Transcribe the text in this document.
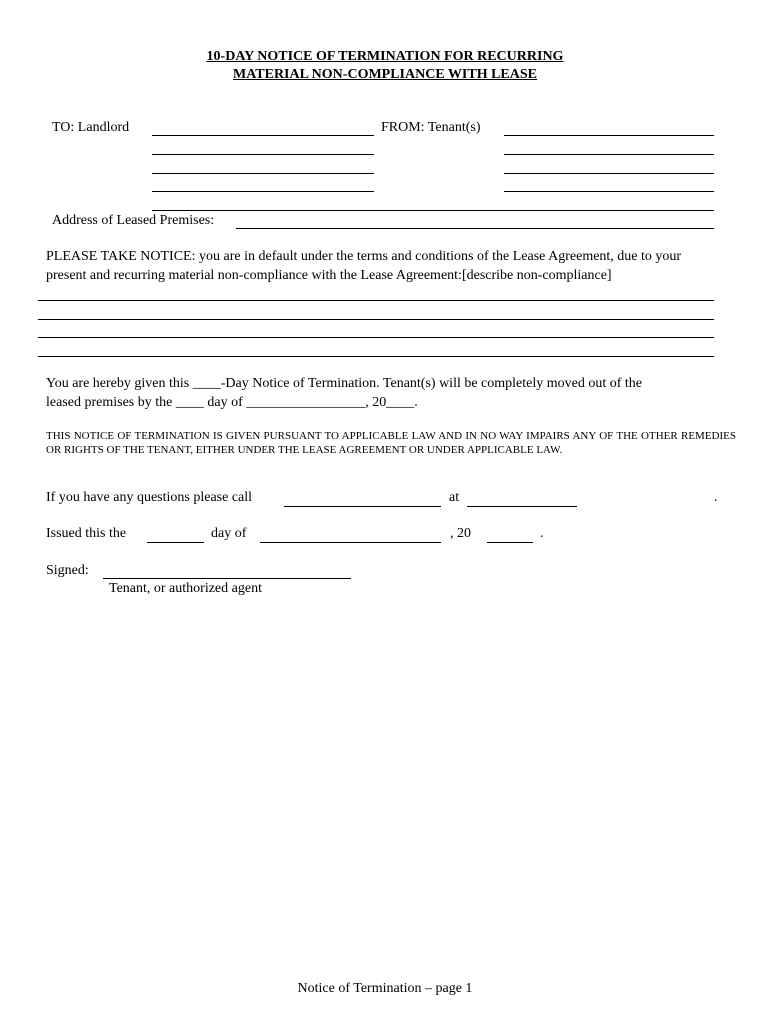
10-DAY NOTICE OF TERMINATION FOR RECURRING
MATERIAL NON-COMPLIANCE WITH LEASE
TO: Landlord	FROM: Tenant(s)
Address of Leased Premises:
PLEASE TAKE NOTICE: you are in default under the terms and conditions of the Lease Agreement, due to your present and recurring material non-compliance with the Lease Agreement:[describe non-compliance]
You are hereby given this ____-Day Notice of Termination. Tenant(s) will be completely moved out of the
leased premises by the ____ day of _________________, 20____.
THIS NOTICE OF TERMINATION IS GIVEN PURSUANT TO APPLICABLE LAW AND IN NO WAY IMPAIRS ANY OF THE OTHER REMEDIES OR RIGHTS OF THE TENANT, EITHER UNDER THE LEASE AGREEMENT OR UNDER APPLICABLE LAW.
If you have any questions please call	at	.
Issued this the	day of	, 20	.
Signed:
Tenant, or authorized agent
Notice of Termination – page 1
